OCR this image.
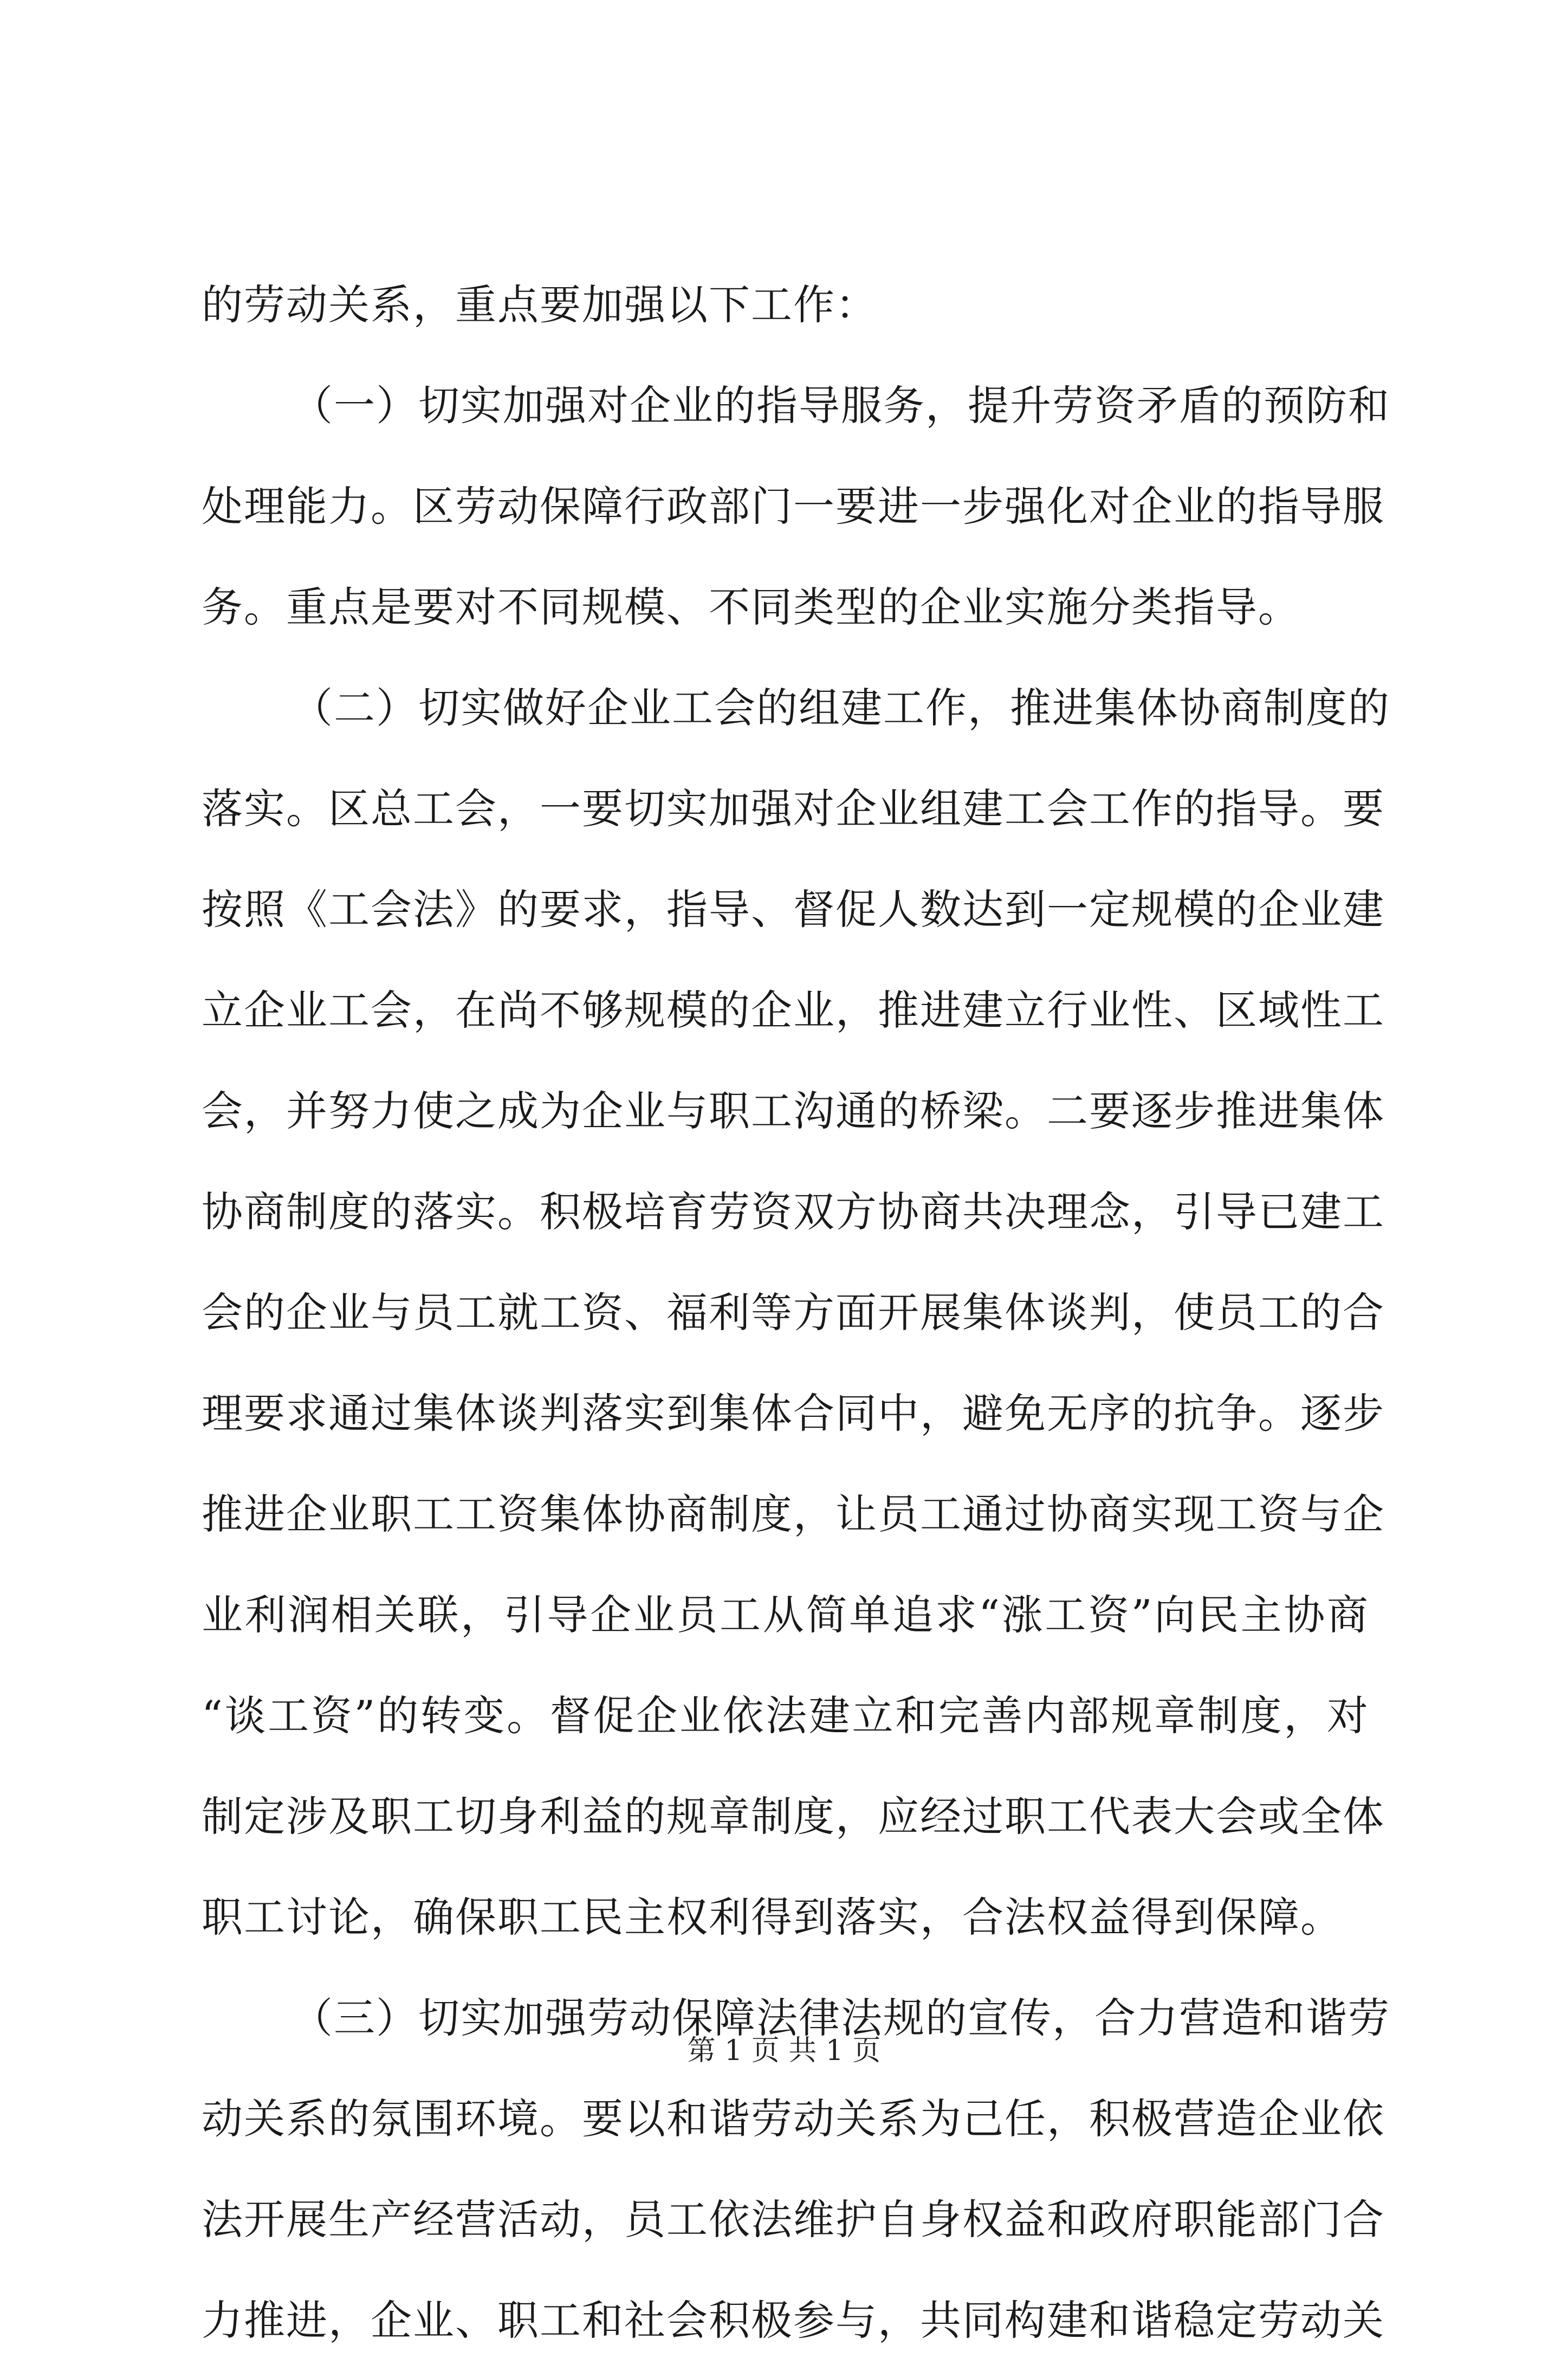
的劳动关系，重点要加强以下工作：
（一）切实加强对企业的指导服务，提升劳资矛盾的预防和
处理能力。区劳动保障行政部门一要进一步强化对企业的指导服
务。重点是要对不同规模、不同类型的企业实施分类指导。
（二）切实做好企业工会的组建工作，推进集体协商制度的
落实。区总工会，一要切实加强对企业组建工会工作的指导。要
按照《工会法》的要求，指导、督促人数达到一定规模的企业建
立企业工会，在尚不够规模的企业，推进建立行业性、区域性工
会，并努力使之成为企业与职工沟通的桥梁。二要逐步推进集体
协商制度的落实。积极培育劳资双方协商共决理念，引导已建工
会的企业与员工就工资、福利等方面开展集体谈判，使员工的合
理要求通过集体谈判落实到集体合同中，避免无序的抗争。逐步
推进企业职工工资集体协商制度，让员工通过协商实现工资与企
业利润相关联，引导企业员工从简单追求“涨工资”向民主协商
“谈工资”的转变。督促企业依法建立和完善内部规章制度，对
制定涉及职工切身利益的规章制度，应经过职工代表大会或全体
职工讨论，确保职工民主权利得到落实，合法权益得到保障。
（三）切实加强劳动保障法律法规的宣传，合力营造和谐劳
动关系的氛围环境。要以和谐劳动关系为己任，积极营造企业依
法开展生产经营活动，员工依法维护自身权益和政府职能部门合
力推进，企业、职工和社会积极参与，共同构建和谐稳定劳动关
第 1 页 共 1 页
